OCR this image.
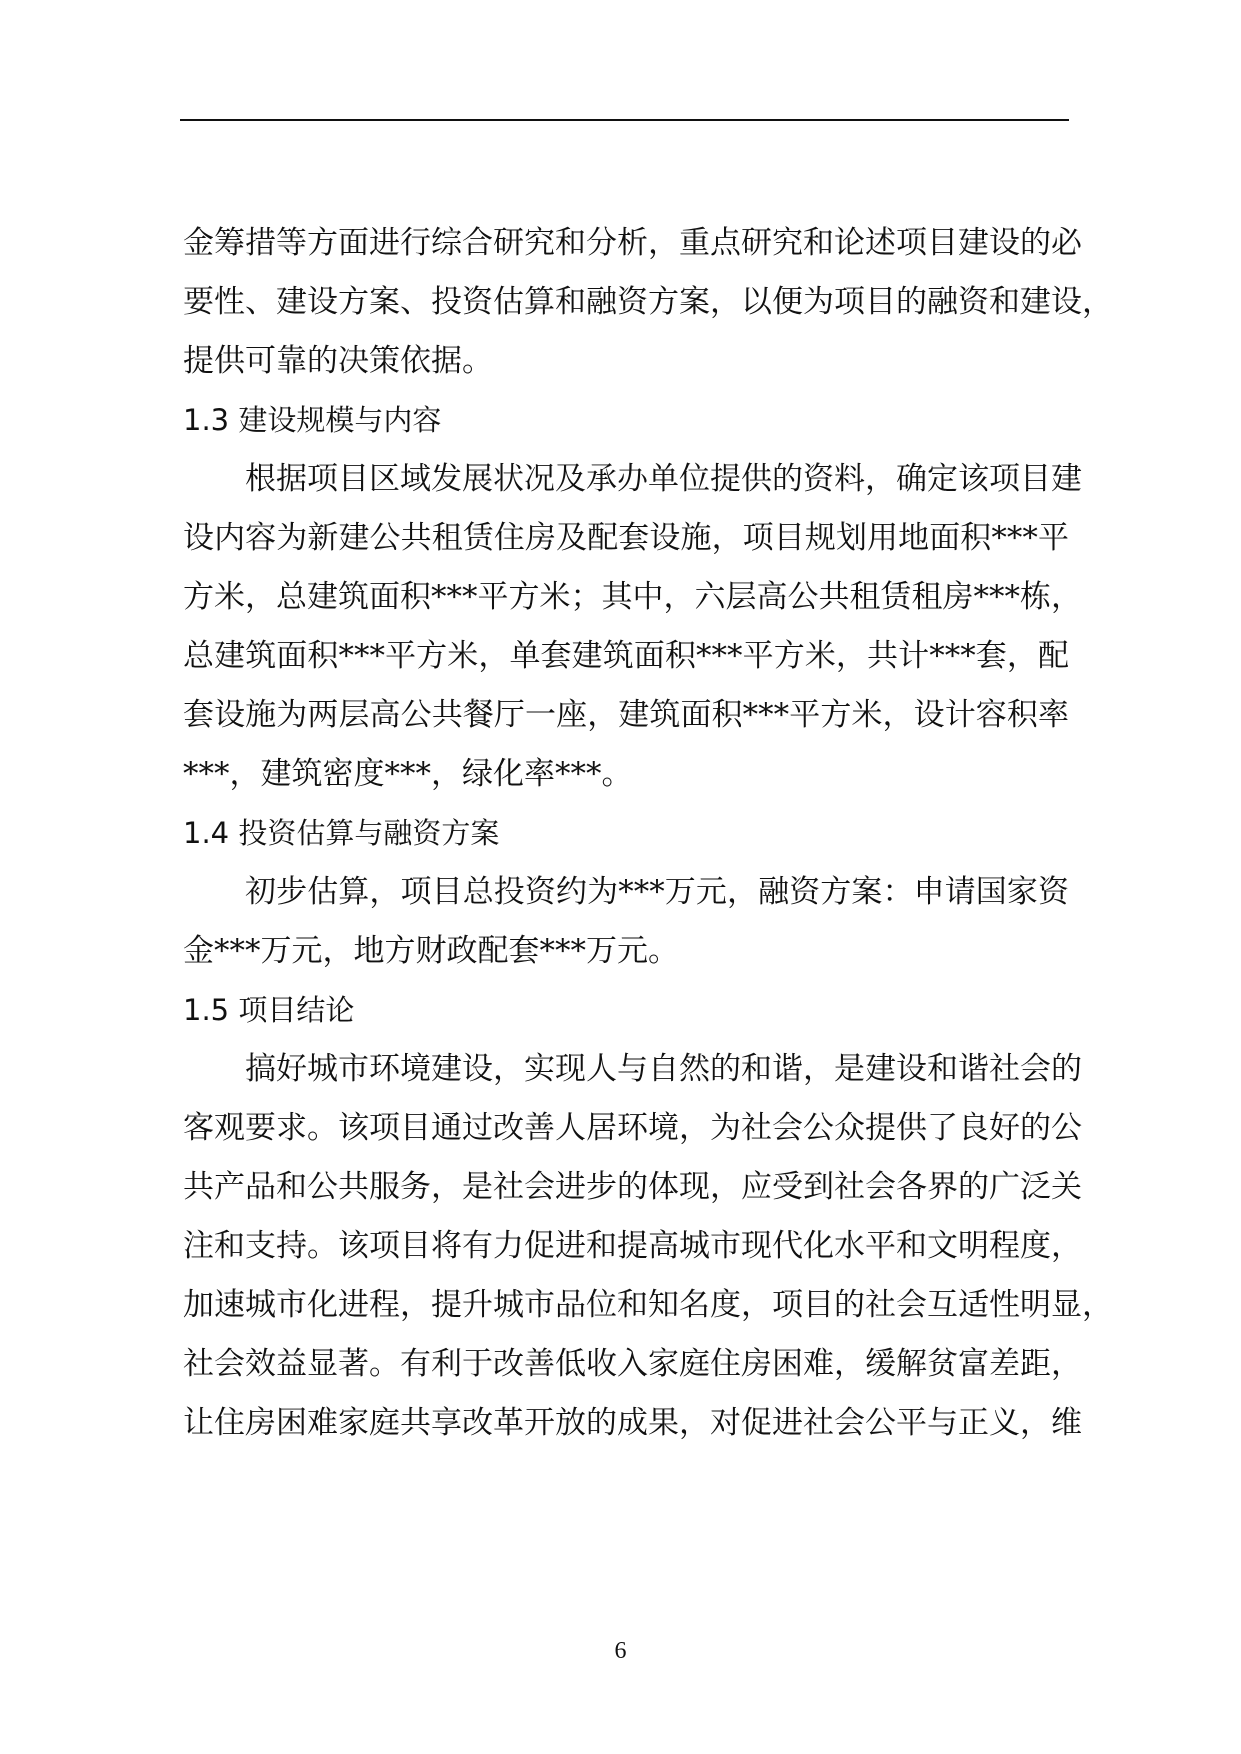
金筹措等方面进行综合研究和分析，重点研究和论述项目建设的必
要性、建设方案、投资估算和融资方案，以便为项目的融资和建设，
提供可靠的决策依据。
1.3 建设规模与内容
根据项目区域发展状况及承办单位提供的资料，确定该项目建
设内容为新建公共租赁住房及配套设施，项目规划用地面积***平
方米，总建筑面积***平方米；其中，六层高公共租赁租房***栋，
总建筑面积***平方米，单套建筑面积***平方米，共计***套，配
套设施为两层高公共餐厅一座，建筑面积***平方米，设计容积率
***，建筑密度***，绿化率***。
1.4 投资估算与融资方案
初步估算，项目总投资约为***万元，融资方案：申请国家资
金***万元，地方财政配套***万元。
1.5 项目结论
搞好城市环境建设，实现人与自然的和谐，是建设和谐社会的
客观要求。该项目通过改善人居环境，为社会公众提供了良好的公
共产品和公共服务，是社会进步的体现，应受到社会各界的广泛关
注和支持。该项目将有力促进和提高城市现代化水平和文明程度，
加速城市化进程，提升城市品位和知名度，项目的社会互适性明显，
社会效益显著。有利于改善低收入家庭住房困难，缓解贫富差距，
让住房困难家庭共享改革开放的成果，对促进社会公平与正义，维
6
